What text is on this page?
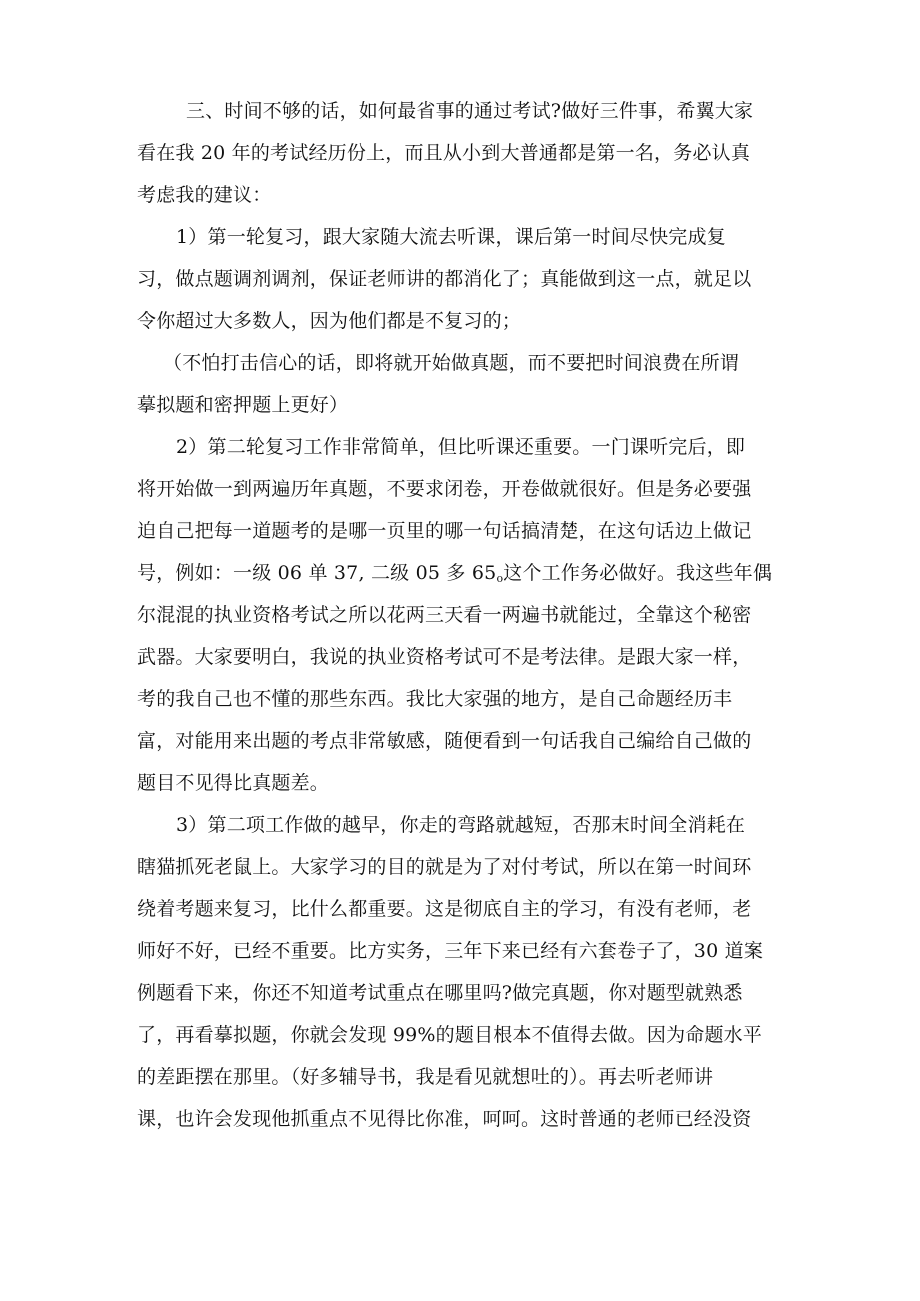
三、时间不够的话，如何最省事的通过考试?做好三件事，希翼大家
看在我 20 年的考试经历份上，而且从小到大普通都是第一名，务必认真
考虑我的建议：
1）第一轮复习，跟大家随大流去听课，课后第一时间尽快完成复
习，做点题调剂调剂，保证老师讲的都消化了；真能做到这一点，就足以
令你超过大多数人，因为他们都是不复习的；
（不怕打击信心的话，即将就开始做真题，而不要把时间浪费在所谓
摹拟题和密押题上更好）
2）第二轮复习工作非常简单，但比听课还重要。一门课听完后，即
将开始做一到两遍历年真题，不要求闭卷，开卷做就很好。但是务必要强
迫自己把每一道题考的是哪一页里的哪一句话搞清楚，在这句话边上做记
号，例如：一级 06 单 37, 二级 05 多 $65_o$这个工作务必做好。我这些年偶
尔混混的执业资格考试之所以花两三天看一两遍书就能过，全靠这个秘密
武器。大家要明白，我说的执业资格考试可不是考法律。是跟大家一样，
考的我自己也不懂的那些东西。我比大家强的地方，是自己命题经历丰
富，对能用来出题的考点非常敏感，随便看到一句话我自己编给自己做的
题目不见得比真题差。
3）第二项工作做的越早，你走的弯路就越短，否那末时间全消耗在
瞎猫抓死老鼠上。大家学习的目的就是为了对付考试，所以在第一时间环
绕着考题来复习，比什么都重要。这是彻底自主的学习，有没有老师，老
师好不好，已经不重要。比方实务，三年下来已经有六套卷子了，30 道案
例题看下来，你还不知道考试重点在哪里吗?做完真题，你对题型就熟悉
了，再看摹拟题，你就会发现 99%的题目根本不值得去做。因为命题水平
的差距摆在那里。（好多辅导书，我是看见就想吐的）。再去听老师讲
课，也许会发现他抓重点不见得比你准，呵呵。这时普通的老师已经没资
